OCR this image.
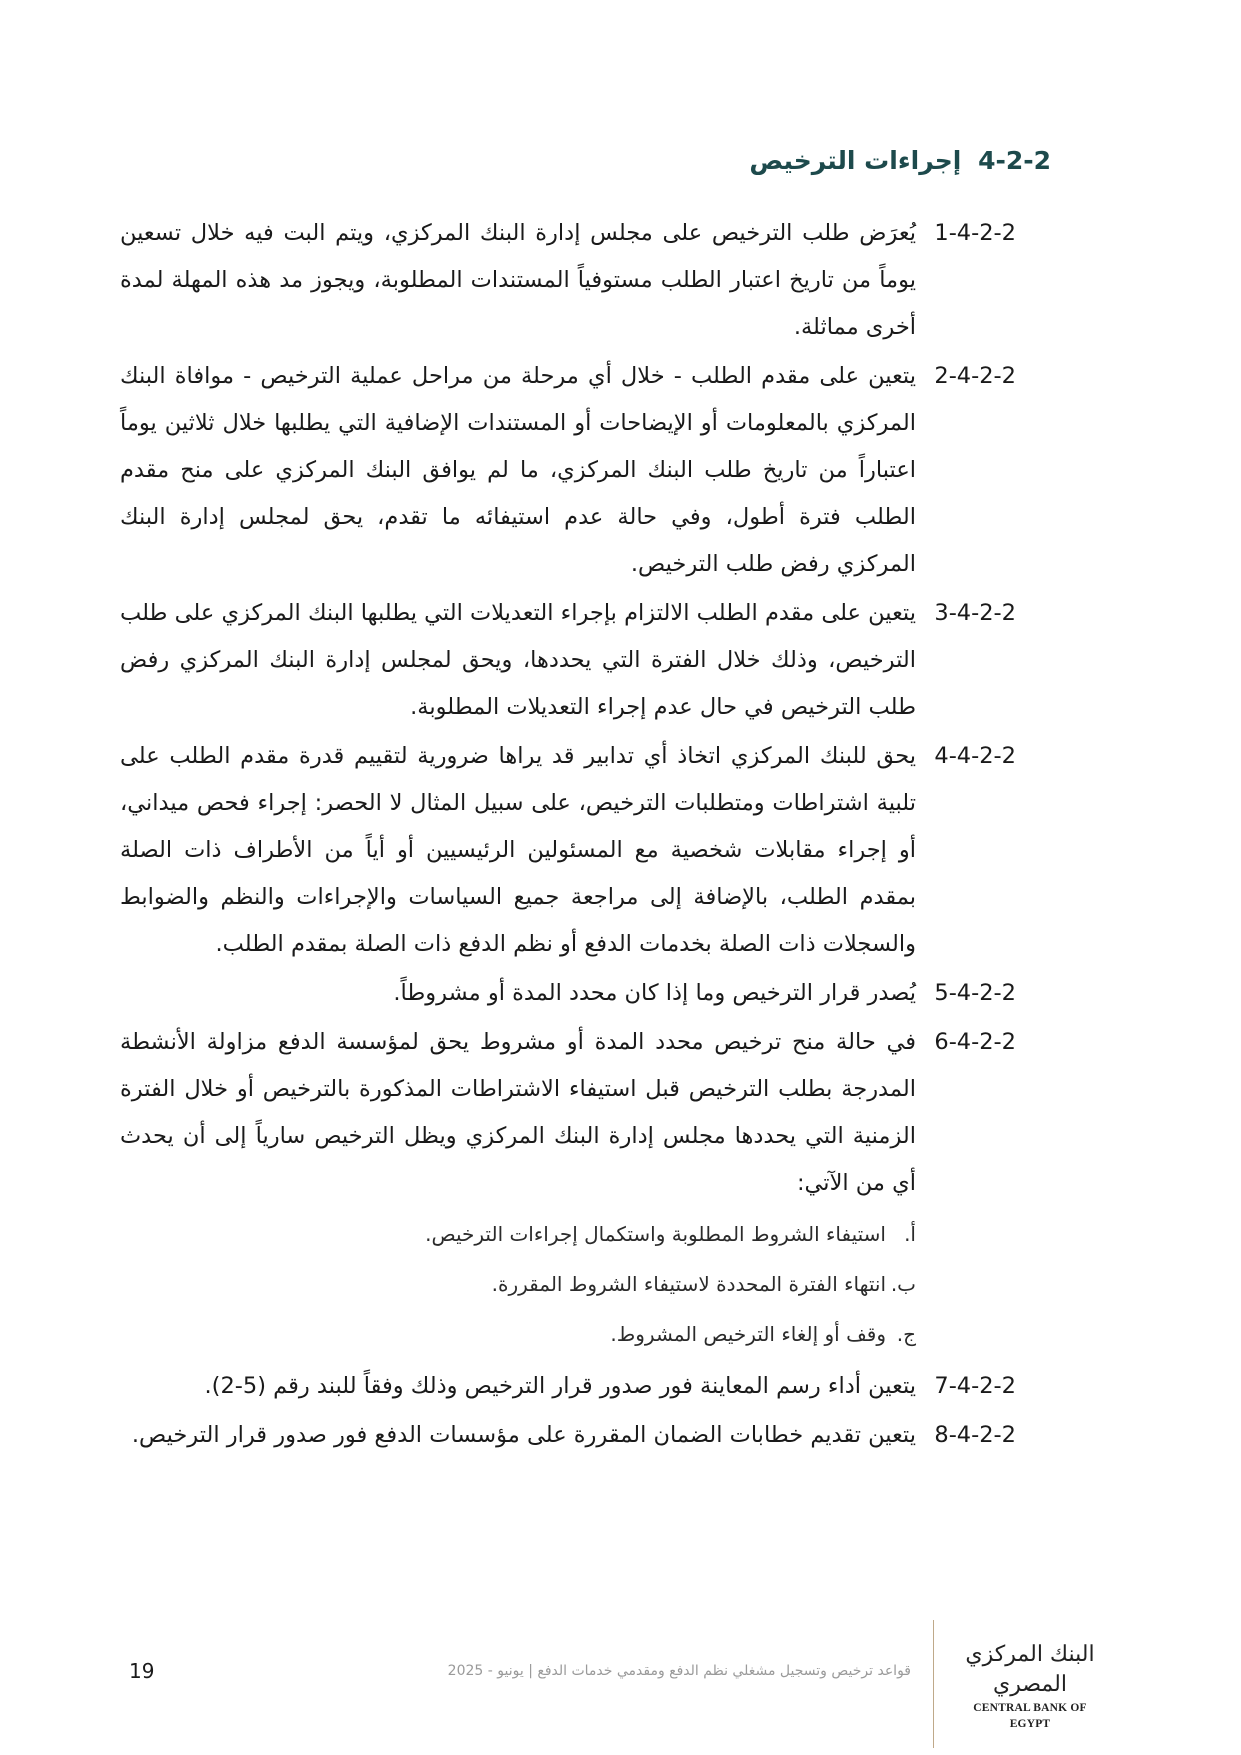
4-2-2 إجراءات الترخيص
1-4-2-2
يُعرَض طلب الترخيص على مجلس إدارة البنك المركزي، ويتم البت فيه خلال تسعين يوماً من تاريخ اعتبار الطلب مستوفياً المستندات المطلوبة، ويجوز مد هذه المهلة لمدة أخرى مماثلة.
2-4-2-2
يتعين على مقدم الطلب - خلال أي مرحلة من مراحل عملية الترخيص - موافاة البنك المركزي بالمعلومات أو الإيضاحات أو المستندات الإضافية التي يطلبها خلال ثلاثين يوماً اعتباراً من تاريخ طلب البنك المركزي، ما لم يوافق البنك المركزي على منح مقدم الطلب فترة أطول، وفي حالة عدم استيفائه ما تقدم، يحق لمجلس إدارة البنك المركزي رفض طلب الترخيص.
3-4-2-2
يتعين على مقدم الطلب الالتزام بإجراء التعديلات التي يطلبها البنك المركزي على طلب الترخيص، وذلك خلال الفترة التي يحددها، ويحق لمجلس إدارة البنك المركزي رفض طلب الترخيص في حال عدم إجراء التعديلات المطلوبة.
4-4-2-2
يحق للبنك المركزي اتخاذ أي تدابير قد يراها ضرورية لتقييم قدرة مقدم الطلب على تلبية اشتراطات ومتطلبات الترخيص، على سبيل المثال لا الحصر: إجراء فحص ميداني، أو إجراء مقابلات شخصية مع المسئولين الرئيسيين أو أياً من الأطراف ذات الصلة بمقدم الطلب، بالإضافة إلى مراجعة جميع السياسات والإجراءات والنظم والضوابط والسجلات ذات الصلة بخدمات الدفع أو نظم الدفع ذات الصلة بمقدم الطلب.
5-4-2-2
يُصدر قرار الترخيص وما إذا كان محدد المدة أو مشروطاً.
6-4-2-2
في حالة منح ترخيص محدد المدة أو مشروط يحق لمؤسسة الدفع مزاولة الأنشطة المدرجة بطلب الترخيص قبل استيفاء الاشتراطات المذكورة بالترخيص أو خلال الفترة الزمنية التي يحددها مجلس إدارة البنك المركزي ويظل الترخيص سارياً إلى أن يحدث أي من الآتي:
أ.
استيفاء الشروط المطلوبة واستكمال إجراءات الترخيص.
ب.
انتهاء الفترة المحددة لاستيفاء الشروط المقررة.
ج.
وقف أو إلغاء الترخيص المشروط.
7-4-2-2
يتعين أداء رسم المعاينة فور صدور قرار الترخيص وذلك وفقاً للبند رقم (5-2).
8-4-2-2
يتعين تقديم خطابات الضمان المقررة على مؤسسات الدفع فور صدور قرار الترخيص.
قواعد ترخيص وتسجيل مشغلي نظم الدفع ومقدمي خدمات الدفع | يونيو - 2025
19
البنك المركزي المصري
CENTRAL BANK OF EGYPT
